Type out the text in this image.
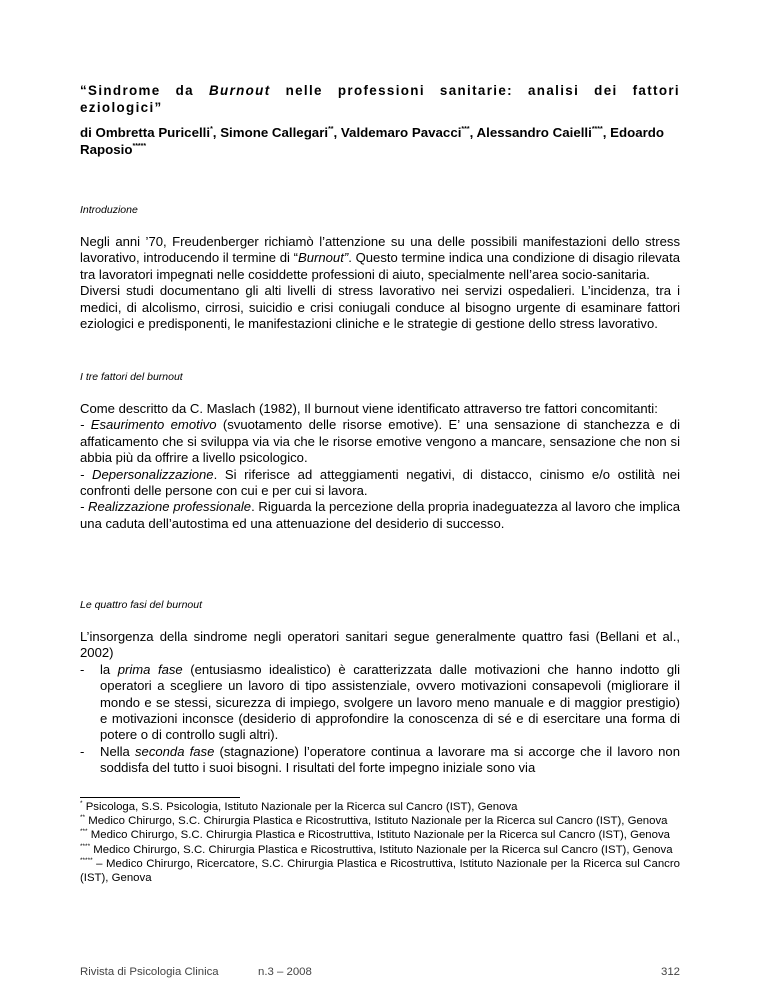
“Sindrome da Burnout nelle professioni sanitarie: analisi dei fattori eziologici”
di Ombretta Puricelli*, Simone Callegari**, Valdemaro Pavacci***, Alessandro Caielli****, Edoardo Raposio*****
Introduzione

Negli anni ’70, Freudenberger richiamò l’attenzione su una delle possibili manifestazioni dello stress lavorativo, introducendo il termine di “Burnout”. Questo termine indica una condizione di disagio rilevata tra lavoratori impegnati nelle cosiddette professioni di aiuto, specialmente nell’area socio-sanitaria.

Diversi studi documentano gli alti livelli di stress lavorativo nei servizi ospedalieri. L’incidenza, tra i medici, di alcolismo, cirrosi, suicidio e crisi coniugali conduce al bisogno urgente di esaminare fattori eziologici e predisponenti, le manifestazioni cliniche e le strategie di gestione dello stress lavorativo.

I tre fattori del burnout

Come descritto da C. Maslach (1982), Il burnout viene identificato attraverso tre fattori concomitanti:

- Esaurimento emotivo (svuotamento delle risorse emotive). E’ una sensazione di stanchezza e di affaticamento che si sviluppa via via che le risorse emotive vengono a mancare, sensazione che non si abbia più da offrire a livello psicologico.

- Depersonalizzazione. Si riferisce ad atteggiamenti negativi, di distacco, cinismo e/o ostilità nei confronti delle persone con cui e per cui si lavora.

- Realizzazione professionale. Riguarda la percezione della propria inadeguatezza al lavoro che implica una caduta dell’autostima ed una attenuazione del desiderio di successo.

Le quattro fasi del burnout

L’insorgenza della sindrome negli operatori sanitari segue generalmente quattro fasi (Bellani et al., 2002)

- la prima fase (entusiasmo idealistico) è caratterizzata dalle motivazioni che hanno indotto gli operatori a scegliere un lavoro di tipo assistenziale, ovvero motivazioni consapevoli (migliorare il mondo e se stessi, sicurezza di impiego, svolgere un lavoro meno manuale e di maggior prestigio) e motivazioni inconsce (desiderio di approfondire la conoscenza di sé e di esercitare una forma di potere o di controllo sugli altri).
- Nella seconda fase (stagnazione) l’operatore continua a lavorare ma si accorge che il lavoro non soddisfa del tutto i suoi bisogni. I risultati del forte impegno iniziale sono via

* Psicologa, S.S. Psicologia, Istituto Nazionale per la Ricerca sul Cancro (IST), Genova

** Medico Chirurgo, S.C. Chirurgia Plastica e Ricostruttiva, Istituto Nazionale per la Ricerca sul Cancro (IST), Genova

*** Medico Chirurgo, S.C. Chirurgia Plastica e Ricostruttiva, Istituto Nazionale per la Ricerca sul Cancro (IST), Genova

**** Medico Chirurgo, S.C. Chirurgia Plastica e Ricostruttiva, Istituto Nazionale per la Ricerca sul Cancro (IST), Genova

***** – Medico Chirurgo, Ricercatore, S.C. Chirurgia Plastica e Ricostruttiva, Istituto Nazionale per la Ricerca sul Cancro (IST), Genova

Rivista di Psicologia Clinica	n.3 – 2008	312
